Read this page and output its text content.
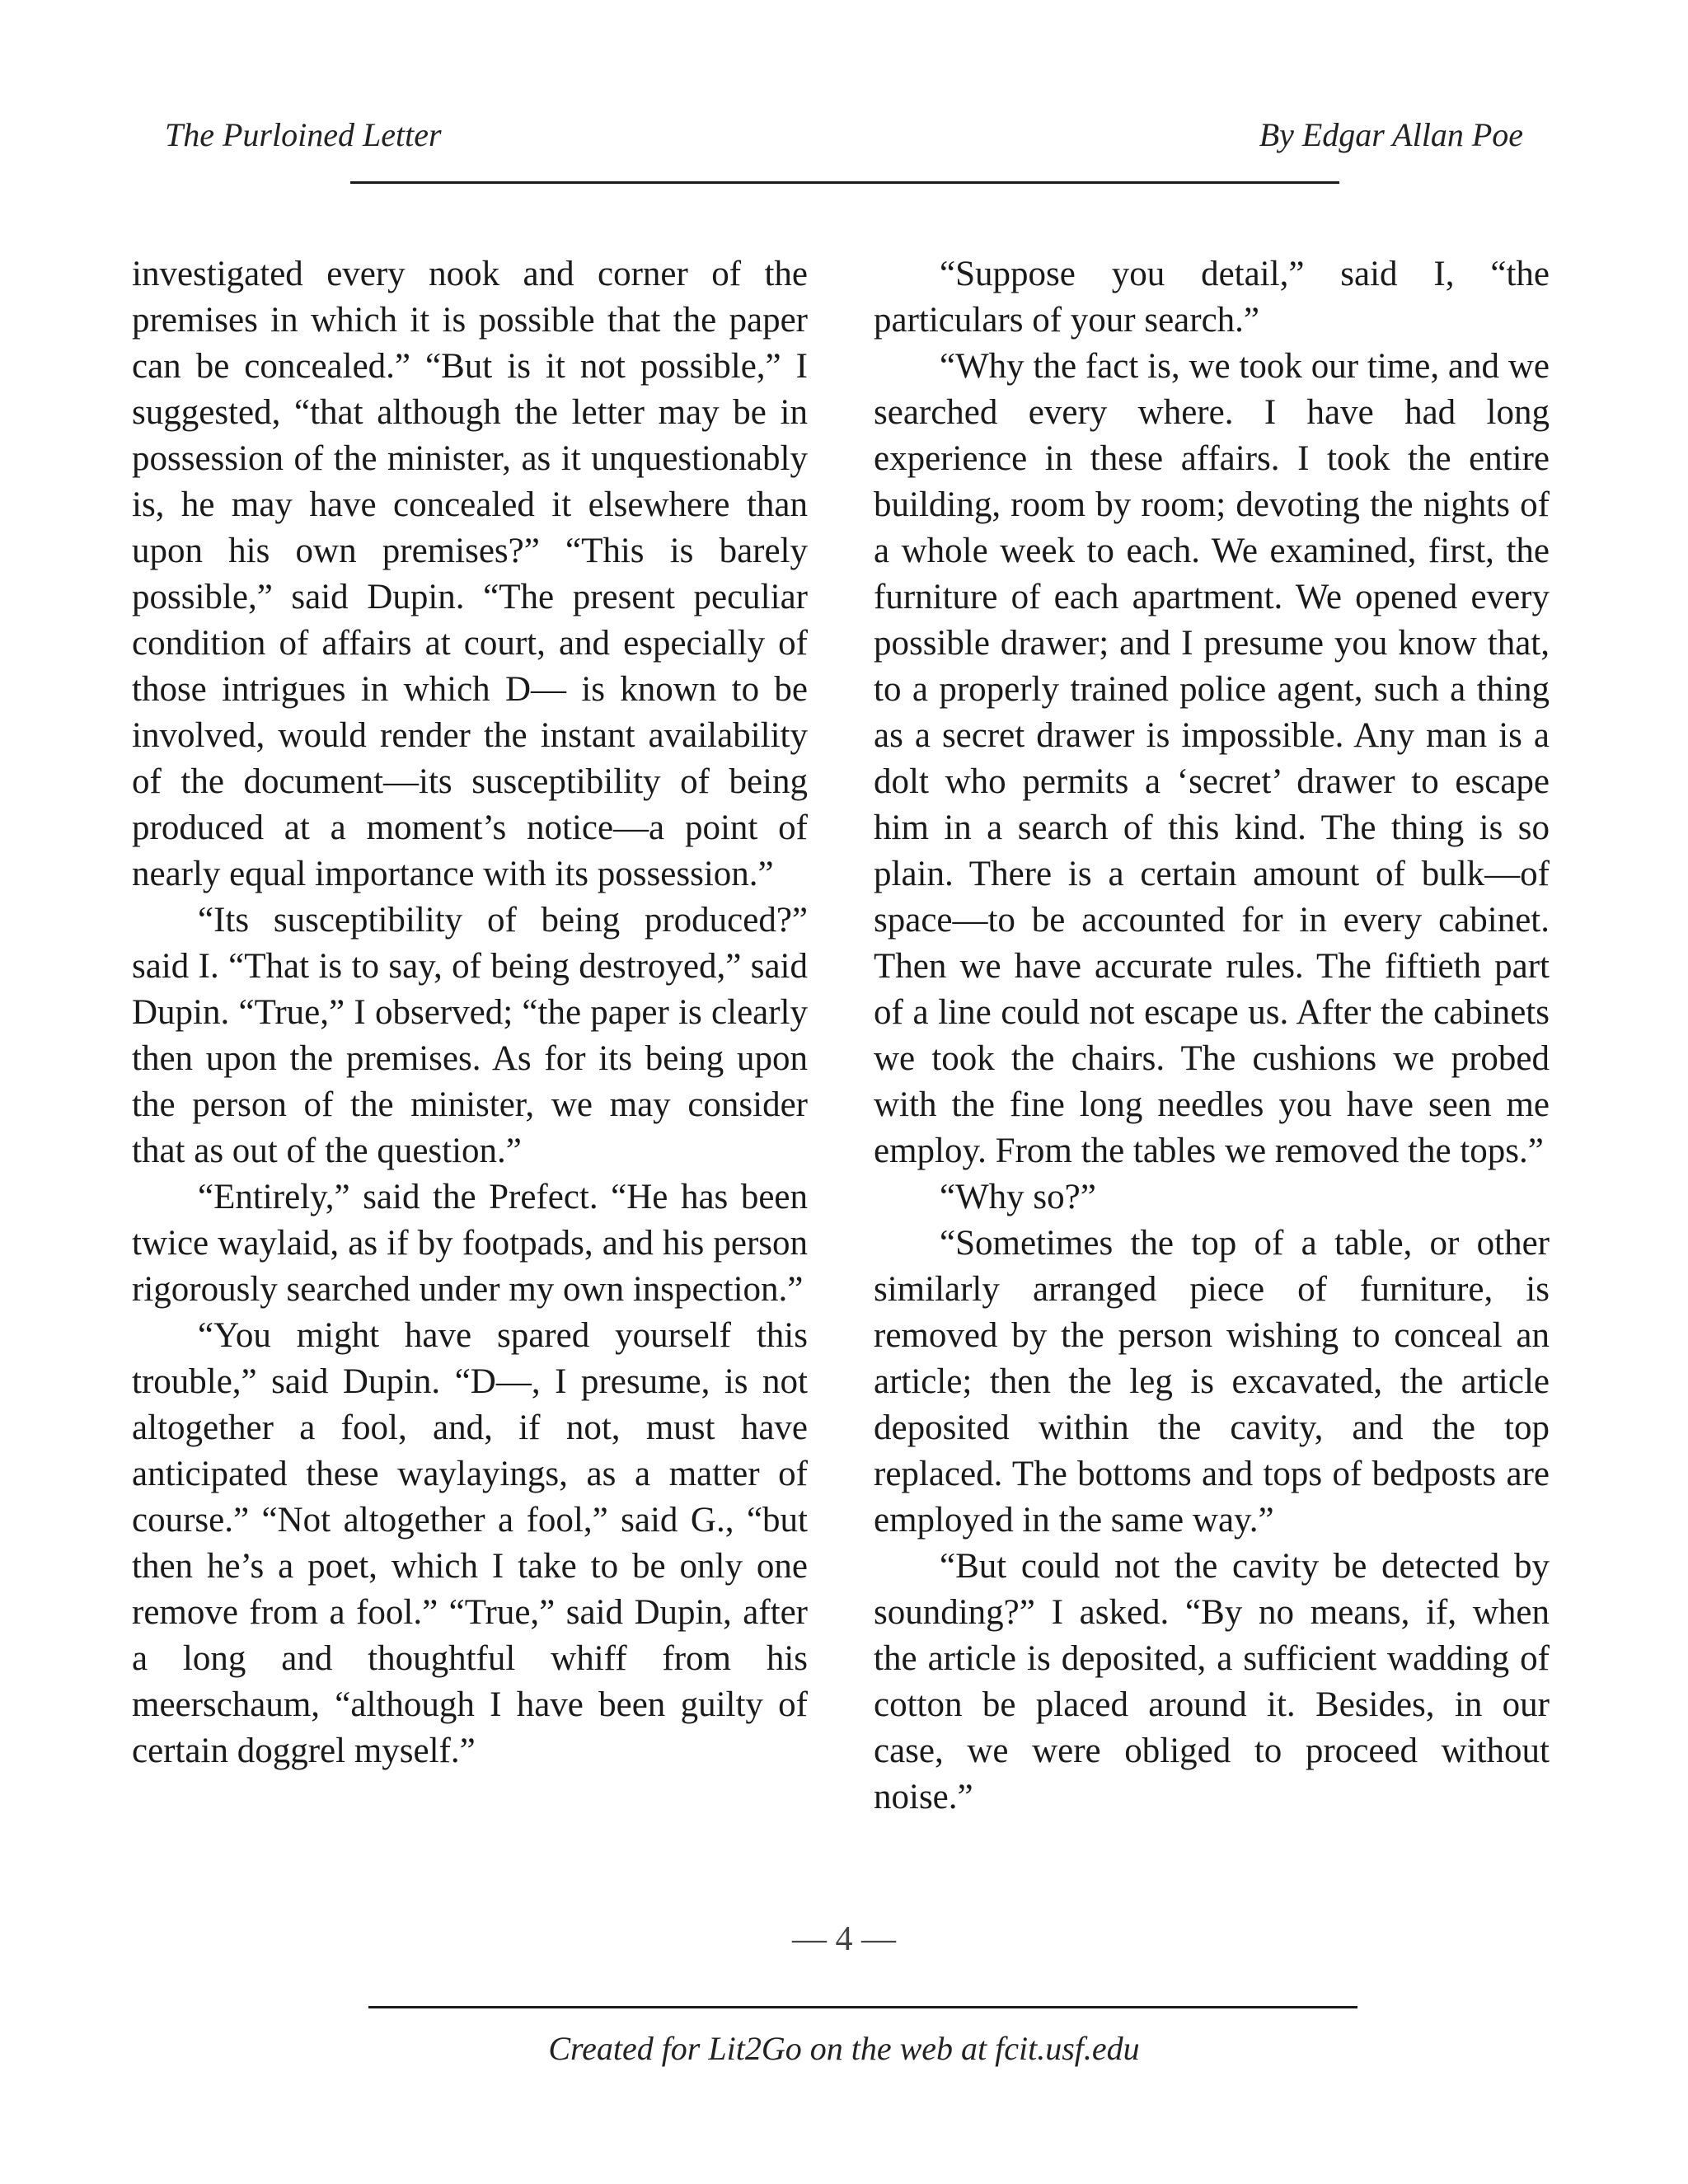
The Purloined Letter	By Edgar Allan Poe

investigated every nook and corner of the premises in which it is possible that the paper can be concealed.” “But is it not possible,” I suggested, “that although the letter may be in possession of the minister, as it unquestionably is, he may have concealed it elsewhere than upon his own premises?” “This is barely possible,” said Dupin. “The present peculiar condition of affairs at court, and especially of those intrigues in which D— is known to be involved, would render the instant availability of the document—its susceptibility of being produced at a moment’s notice—a point of nearly equal importance with its possession.”

“Its susceptibility of being produced?” said I. “That is to say, of being destroyed,” said Dupin. “True,” I observed; “the paper is clearly then upon the premises. As for its being upon the person of the minister, we may consider that as out of the question.”

“Entirely,” said the Prefect. “He has been twice waylaid, as if by footpads, and his person rigorously searched under my own inspection.”

“You might have spared yourself this trouble,” said Dupin. “D—, I presume, is not altogether a fool, and, if not, must have anticipated these waylayings, as a matter of course.” “Not altogether a fool,” said G., “but then he’s a poet, which I take to be only one remove from a fool.” “True,” said Dupin, after a long and thoughtful whiff from his meerschaum, “although I have been guilty of certain doggrel myself.”

“Suppose you detail,” said I, “the particulars of your search.”

“Why the fact is, we took our time, and we searched every where. I have had long experience in these affairs. I took the entire building, room by room; devoting the nights of a whole week to each. We examined, first, the furniture of each apartment. We opened every possible drawer; and I presume you know that, to a properly trained police agent, such a thing as a secret drawer is impossible. Any man is a dolt who permits a ‘secret’ drawer to escape him in a search of this kind. The thing is so plain. There is a certain amount of bulk—of space—to be accounted for in every cabinet. Then we have accurate rules. The fiftieth part of a line could not escape us. After the cabinets we took the chairs. The cushions we probed with the fine long needles you have seen me employ. From the tables we removed the tops.”

“Why so?”

“Sometimes the top of a table, or other similarly arranged piece of furniture, is removed by the person wishing to conceal an article; then the leg is excavated, the article deposited within the cavity, and the top replaced. The bottoms and tops of bedposts are employed in the same way.”

“But could not the cavity be detected by sounding?” I asked. “By no means, if, when the article is deposited, a sufficient wadding of cotton be placed around it. Besides, in our case, we were obliged to proceed without noise.”

— 4 —
Created for Lit2Go on the web at fcit.usf.edu
